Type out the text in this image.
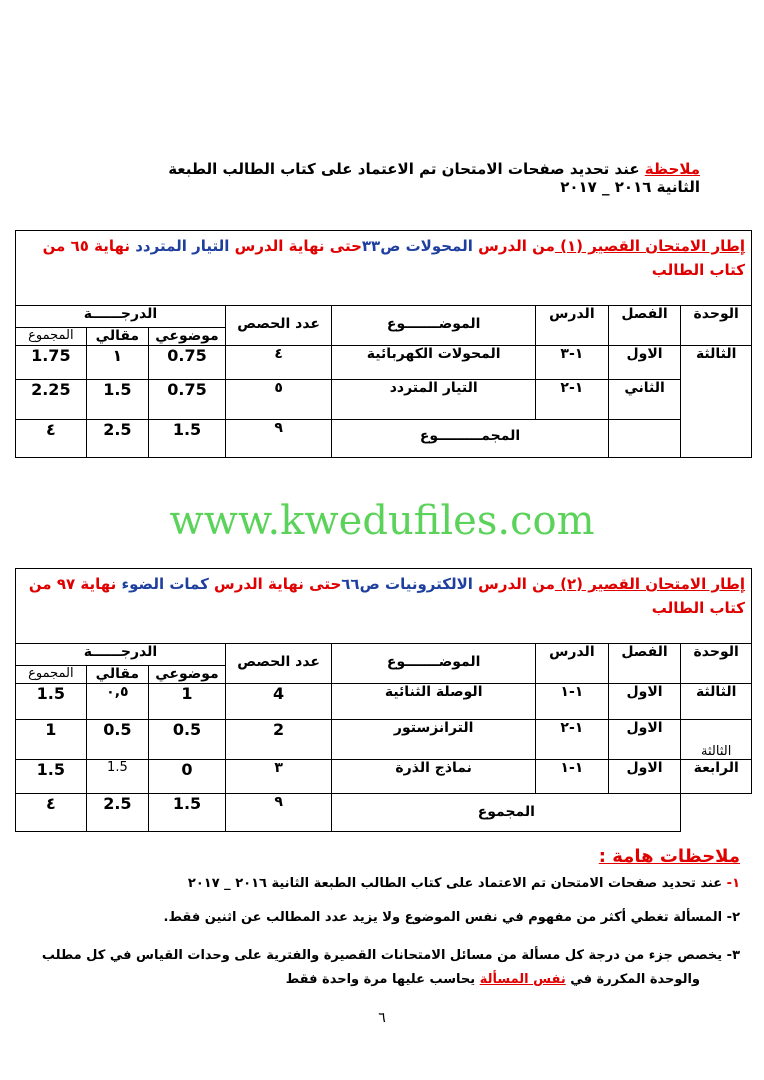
ملاحظة عند تحديد صفحات الامتحان تم الاعتماد على كتاب الطالب الطبعة الثانية ٢٠١٦ _ ٢٠١٧
إطار الامتحان القصير (١) من الدرس المحولات ص٣٣حتى نهاية الدرس التيار المتردد نهاية ٦٥ من كتاب الطالب							
الوحدة	الفصل	الدرس	الموضـــــــوع	عدد الحصص	الدرجــــــة		
					موضوعي	مقالي	المجموع
الثالثة	الاول	١-٣	المحولات الكهربائية	٤	0.75	١	1.75
	الثاني	١-٢	التيار المتردد	٥	0.75	1.5	2.25
		المجمـــــــــوع		٩	1.5	2.5	٤
www.kwedufiles.com
إطار الامتحان القصير (٢) من الدرس الالكترونيات ص٦٦حتى نهاية الدرس كمات الضوء نهاية ٩٧ من كتاب الطالب							
الوحدة	الفصل	الدرس	الموضـــــــوع	عدد الحصص	الدرجــــــة		
					موضوعي	مقالي	المجموع
الثالثة	الاول	١-١	الوصلة الثنائية	4	1	٠,٥	1.5
الثالثة	الاول	١-٢	الترانزستور	2	0.5	0.5	1
الرابعة	الاول	١-١	نماذج الذرة	٣	0	1.5	1.5
	المجموع			٩	1.5	2.5	٤
ملاحظات هامة :
١- عند تحديد صفحات الامتحان تم الاعتماد على كتاب الطالب الطبعة الثانية ٢٠١٦ _ ٢٠١٧
٢- المسألة تغطي أكثر من مفهوم في نفس الموضوع ولا يزيد عدد المطالب عن اثنين فقط.
٣- يخصص جزء من درجة كل مسألة من مسائل الامتحانات القصيرة والفترية على وحدات القياس في كل مطلب
والوحدة المكررة في نفس المسألة يحاسب عليها مرة واحدة فقط
٦
